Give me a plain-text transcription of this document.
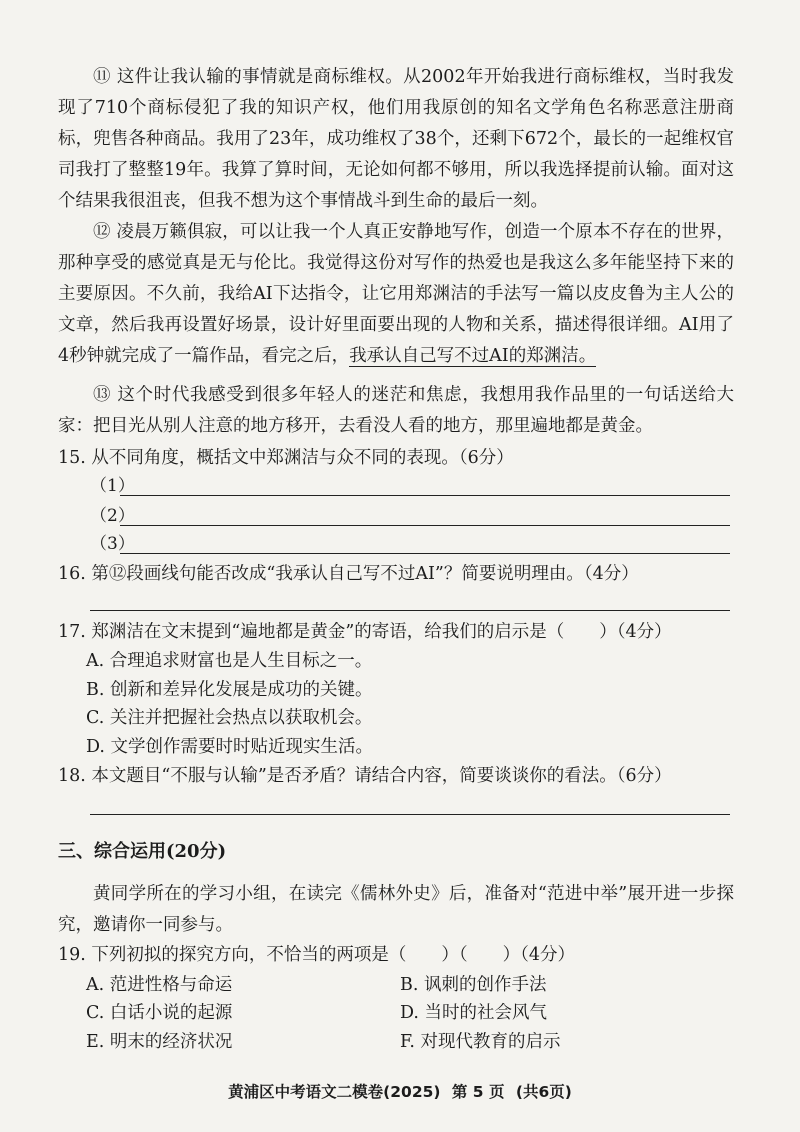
⑪ 这件让我认输的事情就是商标维权。从2002年开始我进行商标维权，当时我发现了710个商标侵犯了我的知识产权，他们用我原创的知名文学角色名称恶意注册商标，兜售各种商品。我用了23年，成功维权了38个，还剩下672个，最长的一起维权官司我打了整整19年。我算了算时间，无论如何都不够用，所以我选择提前认输。面对这个结果我很沮丧，但我不想为这个事情战斗到生命的最后一刻。

⑫ 凌晨万籁俱寂，可以让我一个人真正安静地写作，创造一个原本不存在的世界，那种享受的感觉真是无与伦比。我觉得这份对写作的热爱也是我这么多年能坚持下来的主要原因。不久前，我给AI下达指令，让它用郑渊洁的手法写一篇以皮皮鲁为主人公的文章，然后我再设置好场景，设计好里面要出现的人物和关系，描述得很详细。AI用了4秒钟就完成了一篇作品，看完之后，我承认自己写不过AI的郑渊洁。

⑬ 这个时代我感受到很多年轻人的迷茫和焦虑，我想用我作品里的一句话送给大家：把目光从别人注意的地方移开，去看没人看的地方，那里遍地都是黄金。

15. 从不同角度，概括文中郑渊洁与众不同的表现。（6分）

（1）
（2）
（3）

16. 第⑫段画线句能否改成“我承认自己写不过AI”？简要说明理由。（4分）

17. 郑渊洁在文末提到“遍地都是黄金”的寄语，给我们的启示是（　　）（4分）

A. 合理追求财富也是人生目标之一。
B. 创新和差异化发展是成功的关键。
C. 关注并把握社会热点以获取机会。
D. 文学创作需要时时贴近现实生活。

18. 本文题目“不服与认输”是否矛盾？请结合内容，简要谈谈你的看法。（6分）

三、综合运用(20分)

黄同学所在的学习小组，在读完《儒林外史》后，准备对“范进中举”展开进一步探究，邀请你一同参与。

19. 下列初拟的探究方向，不恰当的两项是（　　）（　　）（4分）

A. 范进性格与命运	B. 讽刺的创作手法
C. 白话小说的起源	D. 当时的社会风气
E. 明末的经济状况	F. 对现代教育的启示
黄浦区中考语文二模卷(2025) 第 5 页 (共6页)
